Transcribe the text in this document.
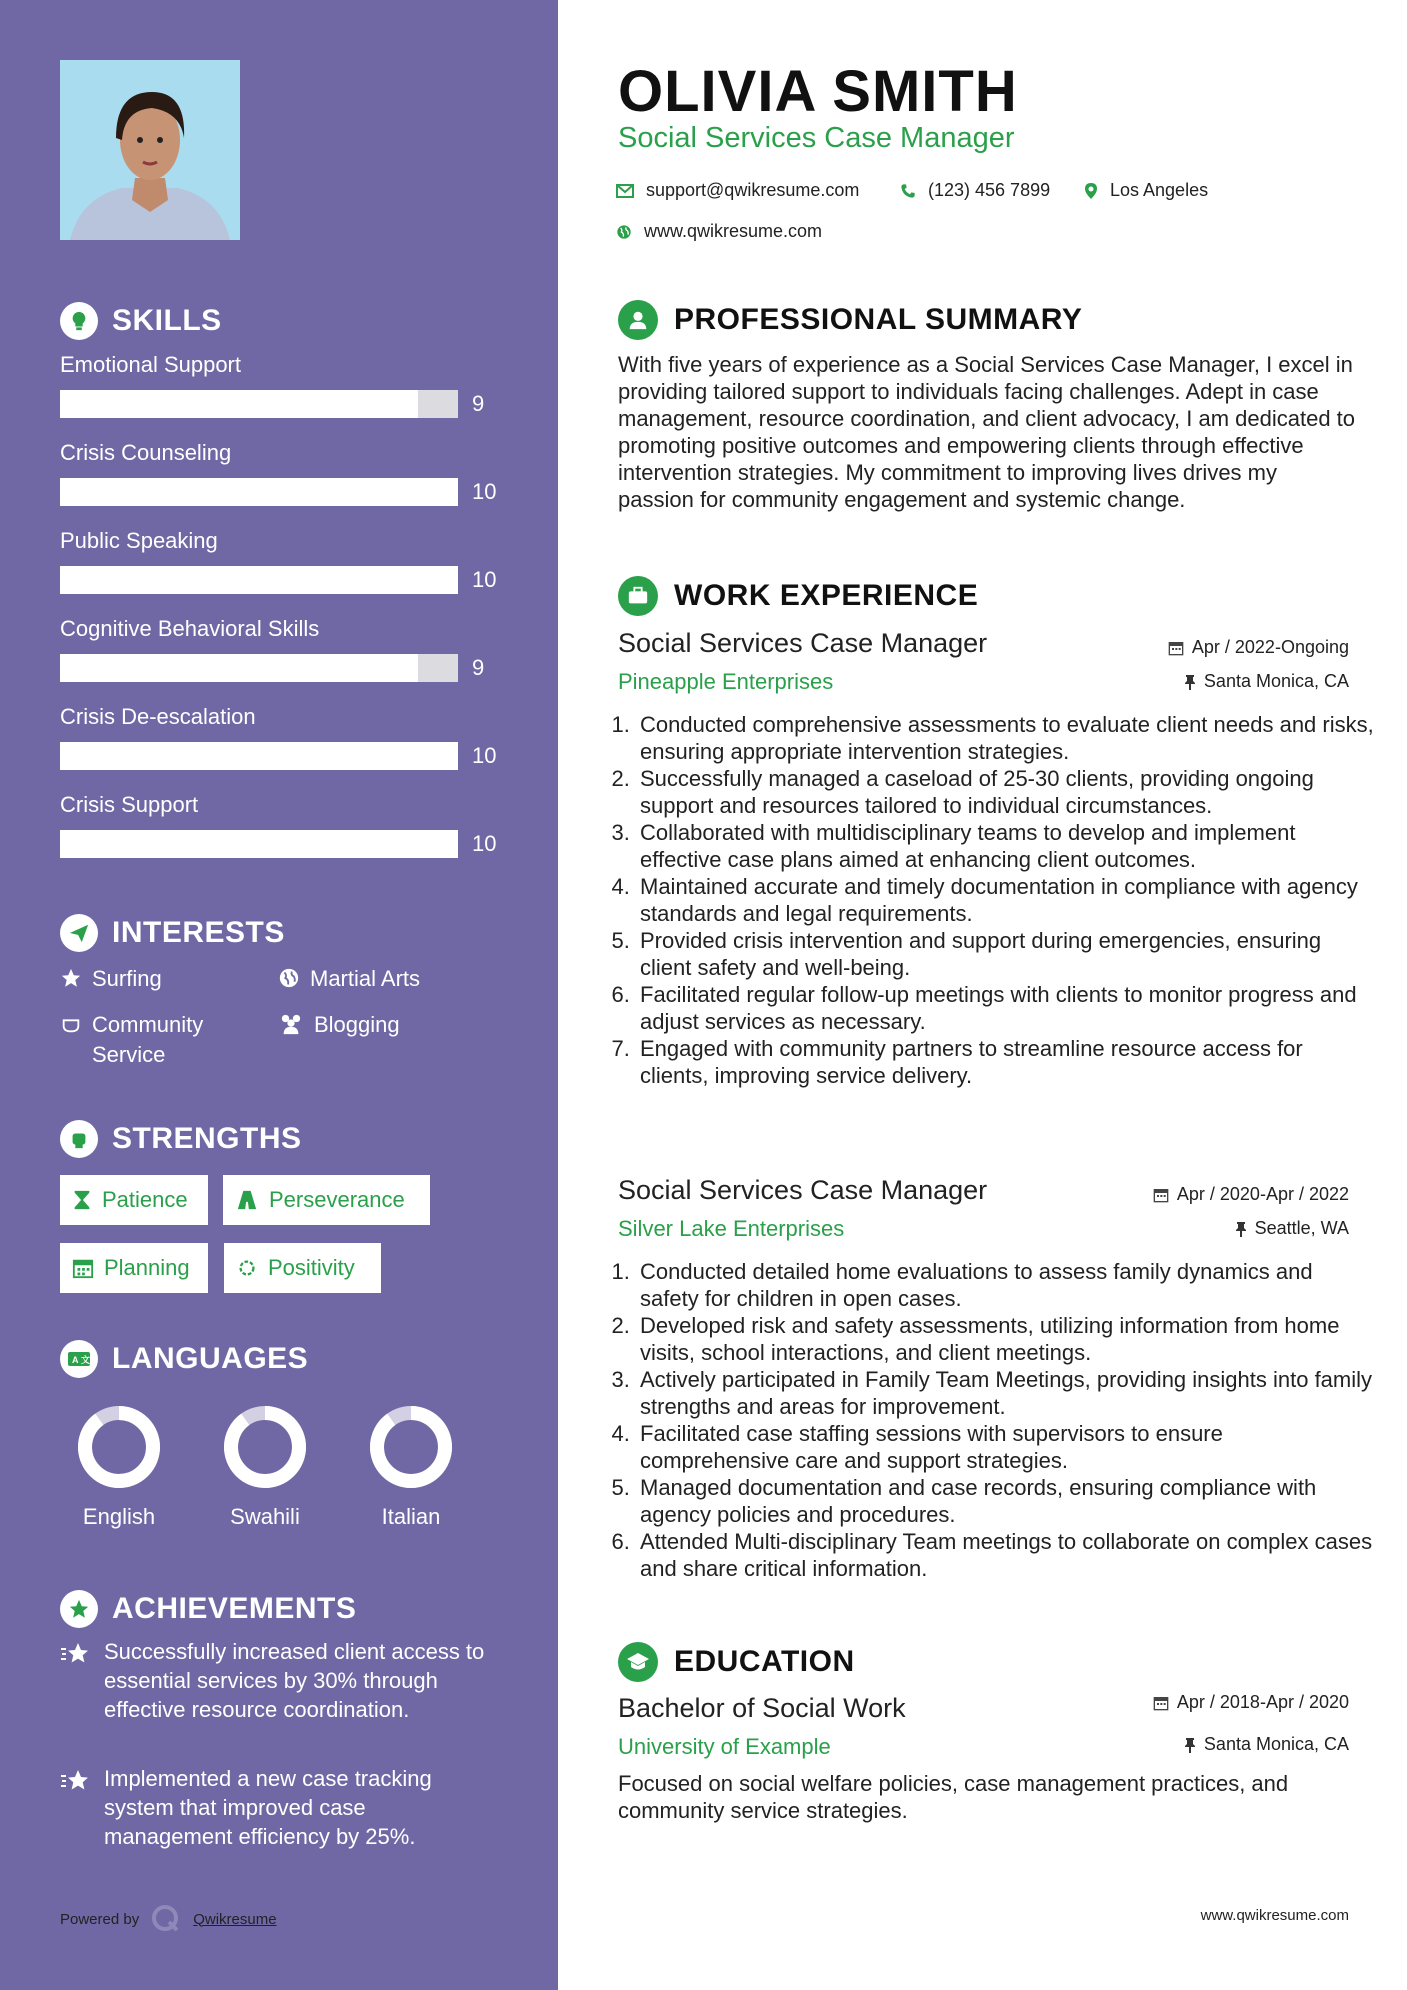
SKILLS
Emotional Support
9
Crisis Counseling
10
Public Speaking
10
Cognitive Behavioral Skills
9
Crisis De-escalation
10
Crisis Support
10
INTERESTS
Surfing	Martial Arts
Community Service
Blogging
STRENGTHS
Patience	Perseverance
Planning	Positivity
A 文 LANGUAGES
English	Swahili	Italian
ACHIEVEMENTS
Successfully increased client access to essential services by 30% through effective resource coordination.
Implemented a new case tracking system that improved case management efficiency by 25%.
Powered by	Qwikresume
OLIVIA SMITH
Social Services Case Manager
support@qwikresume.com	(123) 456 7899	Los Angeles
www.qwikresume.com
PROFESSIONAL SUMMARY
With five years of experience as a Social Services Case Manager, I excel in providing tailored support to individuals facing challenges. Adept in case management, resource coordination, and client advocacy, I am dedicated to promoting positive outcomes and empowering clients through effective intervention strategies. My commitment to improving lives drives my passion for community engagement and systemic change.
WORK EXPERIENCE
Social Services Case Manager
Pineapple Enterprises
Apr / 2022-Ongoing
Santa Monica, CA
1. Conducted comprehensive assessments to evaluate client needs and risks, ensuring appropriate intervention strategies.
2. Successfully managed a caseload of 25-30 clients, providing ongoing support and resources tailored to individual circumstances.
3. Collaborated with multidisciplinary teams to develop and implement effective case plans aimed at enhancing client outcomes.
4. Maintained accurate and timely documentation in compliance with agency standards and legal requirements.
5. Provided crisis intervention and support during emergencies, ensuring client safety and well-being.
6. Facilitated regular follow-up meetings with clients to monitor progress and adjust services as necessary.
7. Engaged with community partners to streamline resource access for clients, improving service delivery.
Social Services Case Manager
Silver Lake Enterprises
Apr / 2020-Apr / 2022
Seattle, WA
1. Conducted detailed home evaluations to assess family dynamics and safety for children in open cases.
2. Developed risk and safety assessments, utilizing information from home visits, school interactions, and client meetings.
3. Actively participated in Family Team Meetings, providing insights into family strengths and areas for improvement.
4. Facilitated case staffing sessions with supervisors to ensure comprehensive care and support strategies.
5. Managed documentation and case records, ensuring compliance with agency policies and procedures.
6. Attended Multi-disciplinary Team meetings to collaborate on complex cases and share critical information.
EDUCATION
Bachelor of Social Work
University of Example
Apr / 2018-Apr / 2020
Santa Monica, CA
Focused on social welfare policies, case management practices, and community service strategies.
www.qwikresume.com
